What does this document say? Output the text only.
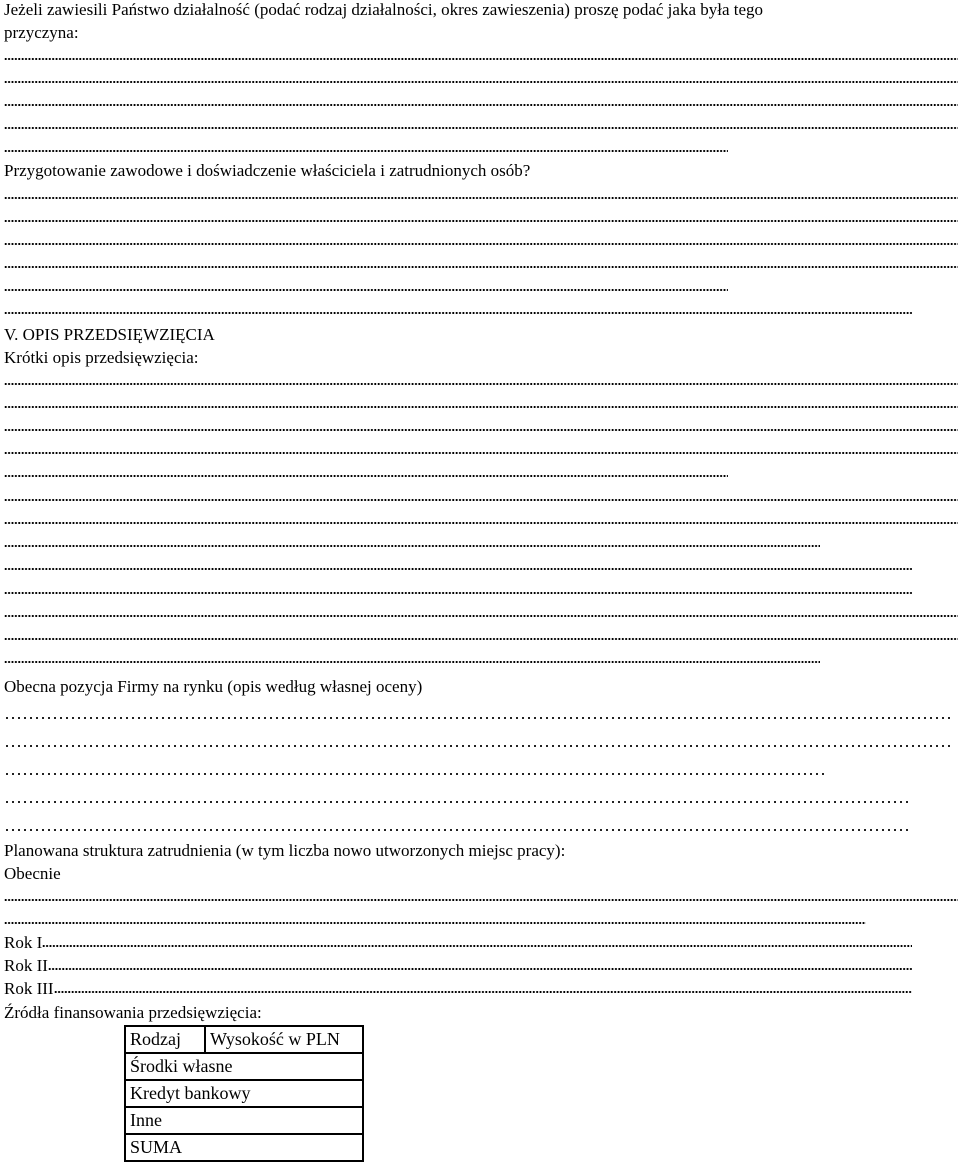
Jeżeli zawiesili Państwo działalność (podać rodzaj działalności, okres zawieszenia) proszę podać jaka była tego
przyczyna:
Przygotowanie zawodowe i doświadczenie właściciela i zatrudnionych osób?
V. OPIS PRZEDSIĘWZIĘCIA
Krótki opis przedsięwzięcia:
Obecna pozycja Firmy na rynku (opis według własnej oceny)
Planowana struktura zatrudnienia (w tym liczba nowo utworzonych miejsc pracy):
Obecnie
Rok I
Rok II
Rok III
Źródła finansowania przedsięwzięcia:
Rodzaj	Wysokość w PLN
Środki własne
Kredyt bankowy
Inne
SUMA
